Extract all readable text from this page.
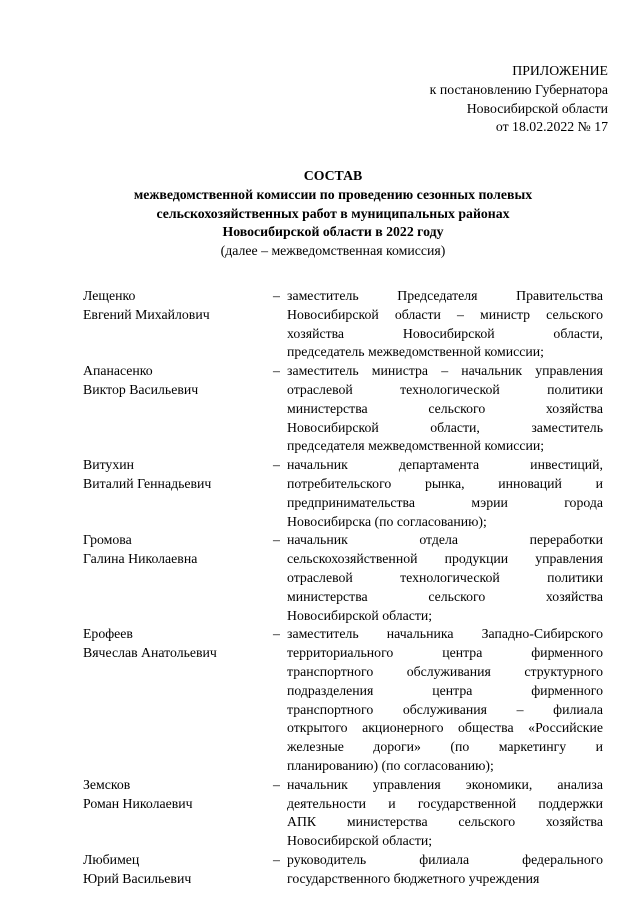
ПРИЛОЖЕНИЕ
к постановлению Губернатора
Новосибирской области
от 18.02.2022 № 17
СОСТАВ
межведомственной комиссии по проведению сезонных полевых
сельскохозяйственных работ в муниципальных районах
Новосибирской области в 2022 году
(далее – межведомственная комиссия)
Лещенко
Евгений Михайлович
– заместитель Председателя Правительства
Новосибирской области – министр сельского
хозяйства Новосибирской области,
председатель межведомственной комиссии;
Апанасенко
Виктор Васильевич
– заместитель министра – начальник управления
отраслевой технологической политики
министерства сельского хозяйства
Новосибирской области, заместитель
председателя межведомственной комиссии;
Витухин
Виталий Геннадьевич
– начальник департамента инвестиций,
потребительского рынка, инноваций и
предпринимательства мэрии города
Новосибирска (по согласованию);
Громова
Галина Николаевна
– начальник отдела переработки
сельскохозяйственной продукции управления
отраслевой технологической политики
министерства сельского хозяйства
Новосибирской области;
Ерофеев
Вячеслав Анатольевич
– заместитель начальника Западно-Сибирского
территориального центра фирменного
транспортного обслуживания структурного
подразделения центра фирменного
транспортного обслуживания – филиала
открытого акционерного общества «Российские
железные дороги» (по маркетингу и
планированию) (по согласованию);
Земсков
Роман Николаевич
– начальник управления экономики, анализа
деятельности и государственной поддержки
АПК министерства сельского хозяйства
Новосибирской области;
Любимец
Юрий Васильевич
– руководитель филиала федерального
государственного бюджетного учреждения
